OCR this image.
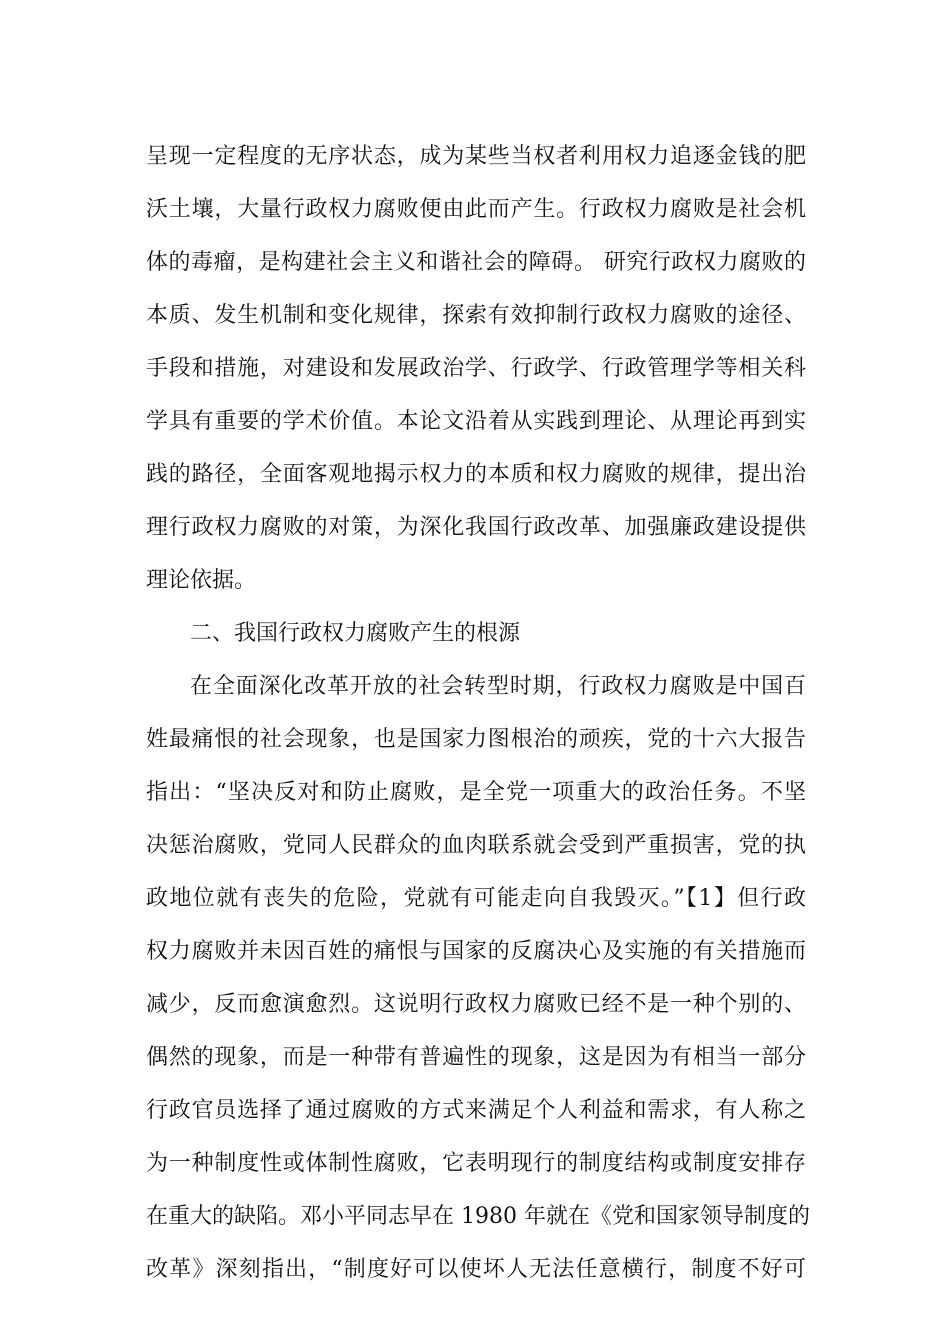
呈现一定程度的无序状态，成为某些当权者利用权力追逐金钱的肥
沃土壤，大量行政权力腐败便由此而产生。行政权力腐败是社会机
体的毒瘤，是构建社会主义和谐社会的障碍。 研究行政权力腐败的
本质、发生机制和变化规律，探索有效抑制行政权力腐败的途径、
手段和措施，对建设和发展政治学、行政学、行政管理学等相关科
学具有重要的学术价值。本论文沿着从实践到理论、从理论再到实
践的路径，全面客观地揭示权力的本质和权力腐败的规律，提出治
理行政权力腐败的对策，为深化我国行政改革、加强廉政建设提供
理论依据。
二、我国行政权力腐败产生的根源
在全面深化改革开放的社会转型时期，行政权力腐败是中国百
姓最痛恨的社会现象，也是国家力图根治的顽疾，党的十六大报告
指出：“坚决反对和防止腐败，是全党一项重大的政治任务。不坚
决惩治腐败，党同人民群众的血肉联系就会受到严重损害，党的执
政地位就有丧失的危险，党就有可能走向自我毁灭。”【1】但行政
权力腐败并未因百姓的痛恨与国家的反腐决心及实施的有关措施而
减少，反而愈演愈烈。这说明行政权力腐败已经不是一种个别的、
偶然的现象，而是一种带有普遍性的现象，这是因为有相当一部分
行政官员选择了通过腐败的方式来满足个人利益和需求，有人称之
为一种制度性或体制性腐败，它表明现行的制度结构或制度安排存
在重大的缺陷。邓小平同志早在 1980 年就在《党和国家领导制度的
改革》深刻指出，“制度好可以使坏人无法任意横行，制度不好可
